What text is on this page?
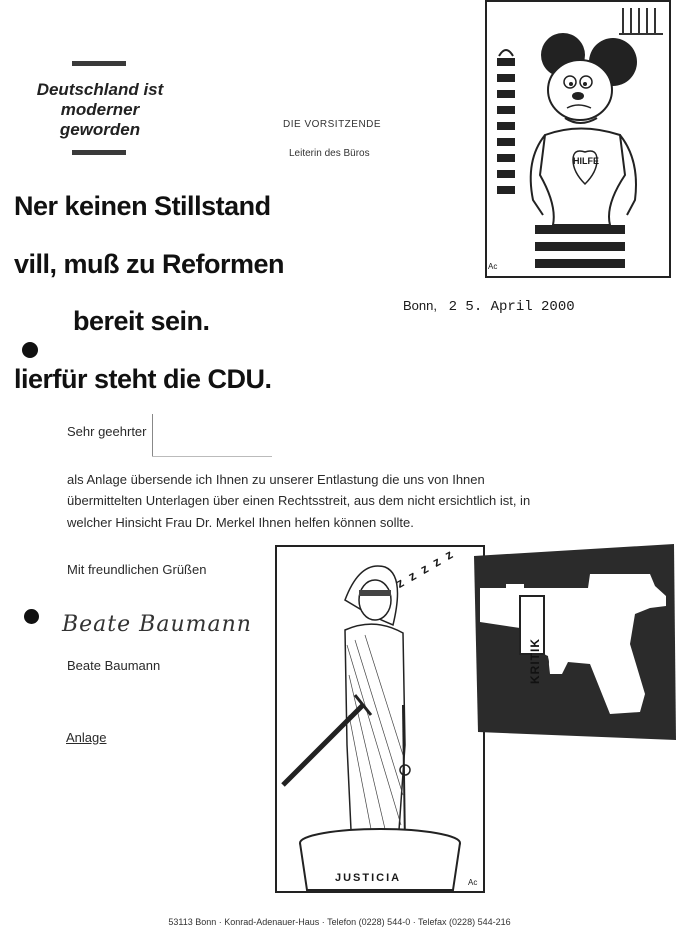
Deutschland ist
moderner
geworden	DIE VORSITZENDE
Leiterin des Büros
Ner keinen Stillstand
vill, muß zu Reformen
bereit sein.
lierfür steht die CDU.
Bonn, 2 5. April 2000
Sehr geehrter
als Anlage übersende ich Ihnen zu unserer Entlastung die uns von Ihnen
übermittelten Unterlagen über einen Rechtsstreit, aus dem nicht ersichtlich ist, in
welcher Hinsicht Frau Dr. Merkel Ihnen helfen können sollte.
Mit freundlichen Grüßen
Beate Baumann
Beate Baumann
Anlage
HILFE
Ac
z z z z z
JUSTICIA	Ac
KRITIK
53113 Bonn · Konrad-Adenauer-Haus · Telefon (0228) 544-0 · Telefax (0228) 544-216
